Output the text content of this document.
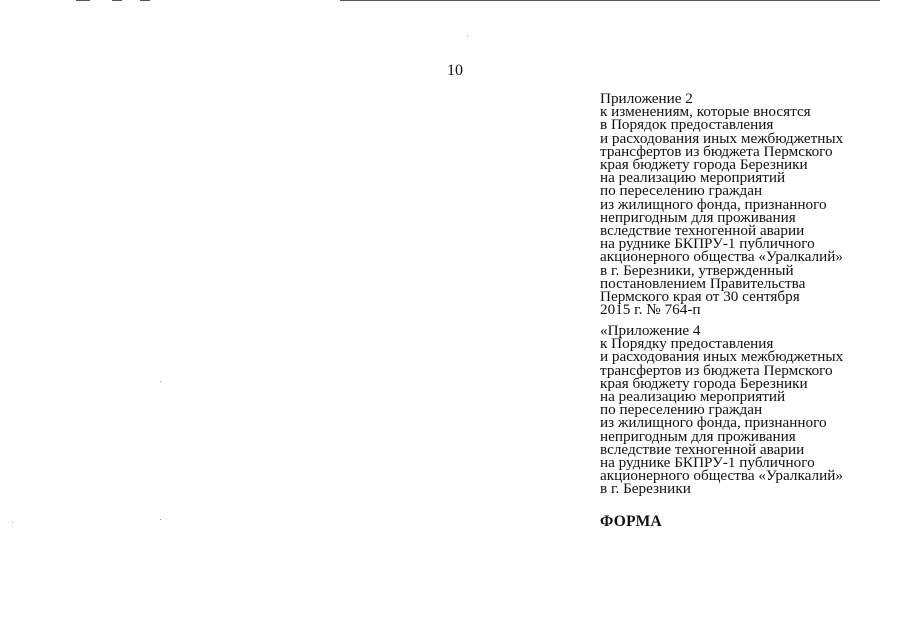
10
Приложение 2
к изменениям, которые вносятся
в Порядок предоставления
и расходования иных межбюджетных
трансфертов из бюджета Пермского
края бюджету города Березники
на реализацию мероприятий
по переселению граждан
из жилищного фонда, признанного
непригодным для проживания
вследствие техногенной аварии
на руднике БКПРУ-1 публичного
акционерного общества «Уралкалий»
в г. Березники, утвержденный
постановлением Правительства
Пермского края от 30 сентября
2015 г. № 764-п
«Приложение 4
к Порядку предоставления
и расходования иных межбюджетных
трансфертов из бюджета Пермского
края бюджету города Березники
на реализацию мероприятий
по переселению граждан
из жилищного фонда, признанного
непригодным для проживания
вследствие техногенной аварии
на руднике БКПРУ-1 публичного
акционерного общества «Уралкалий»
в г. Березники
ФОРМА
